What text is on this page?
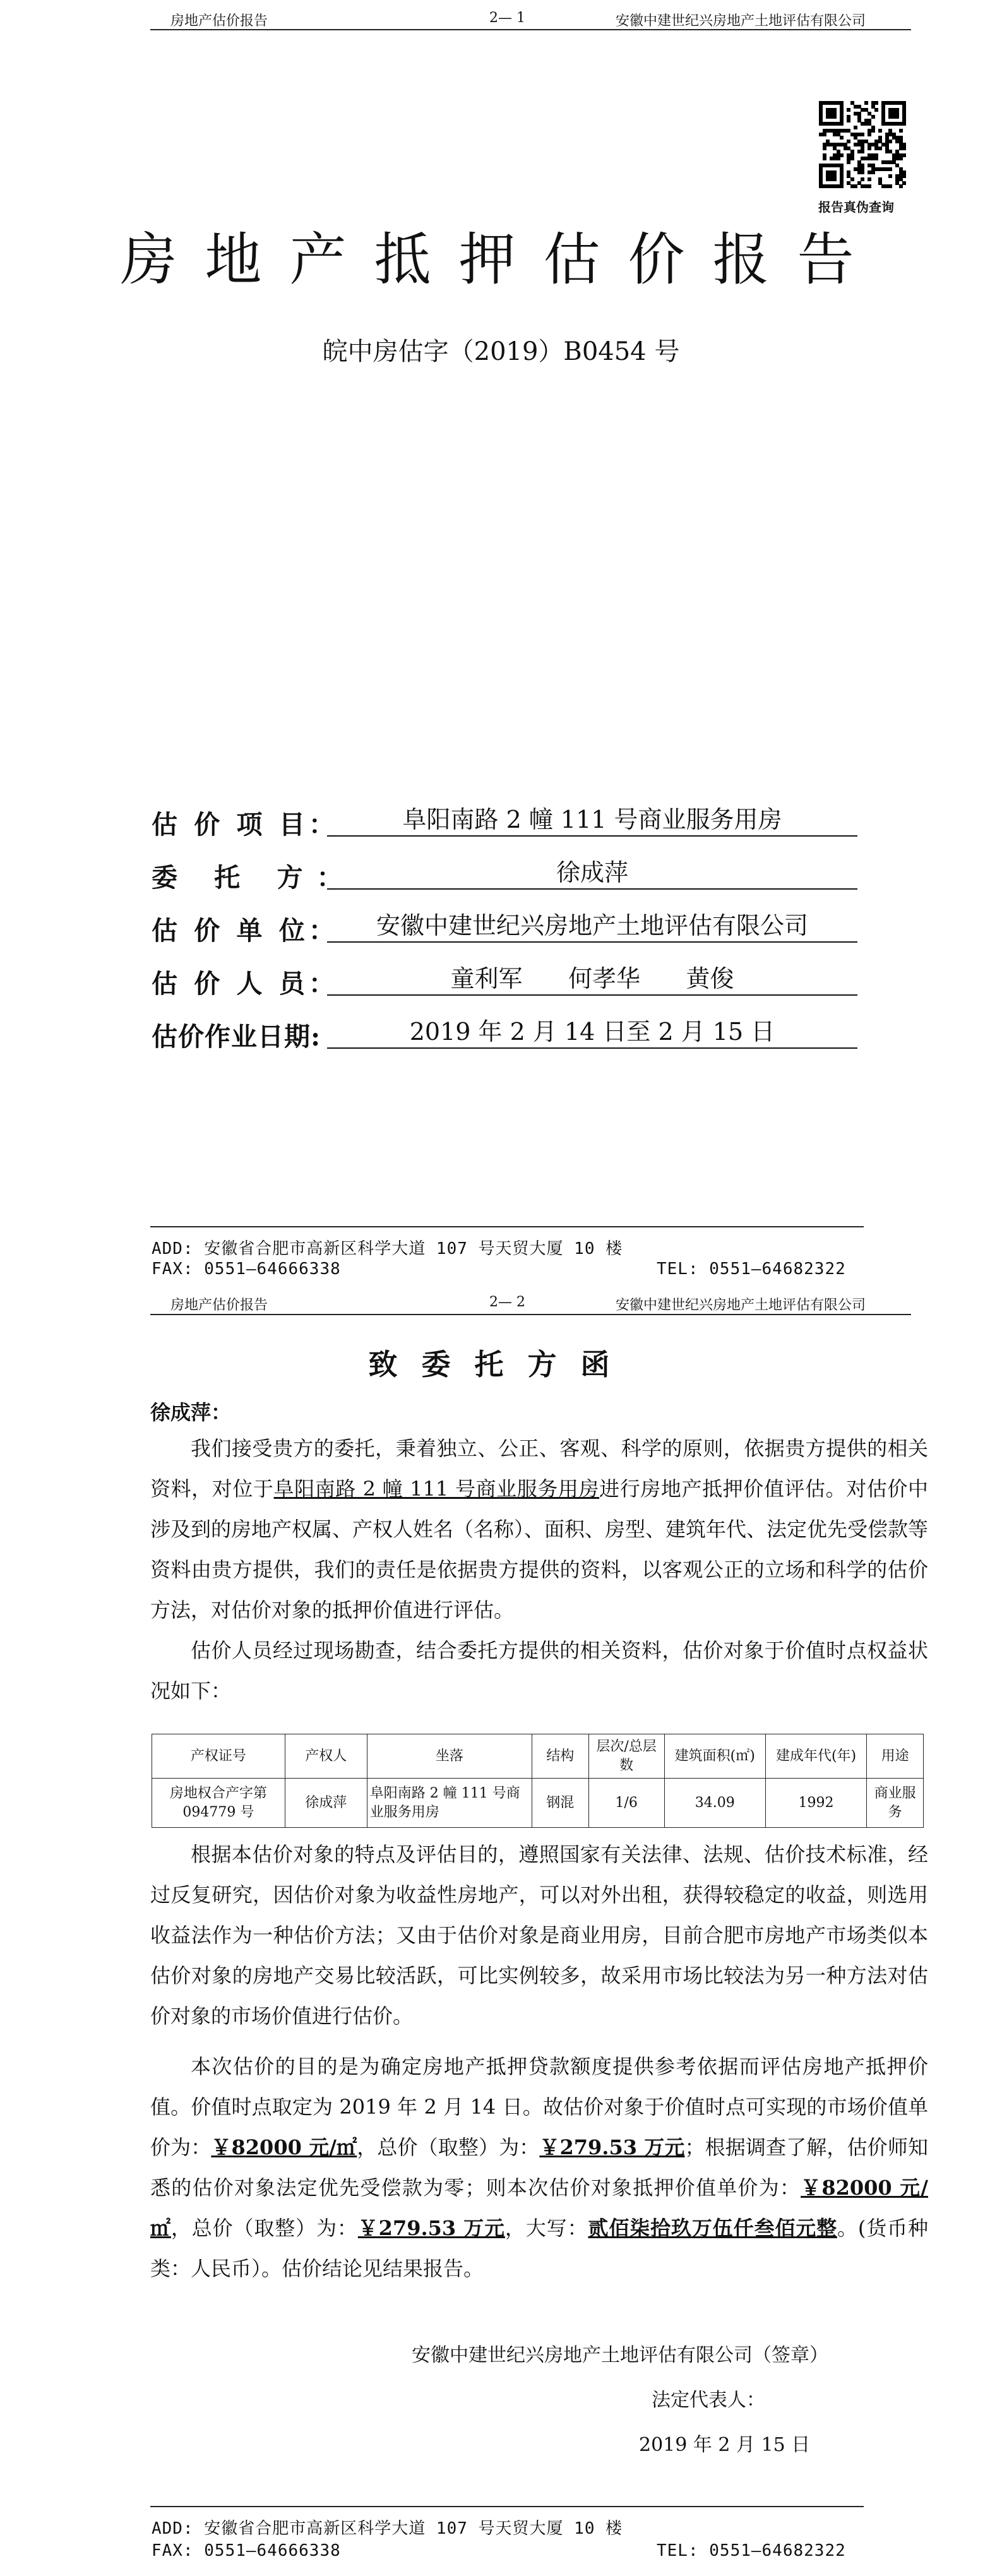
房地产估价报告	2— 1	安徽中建世纪兴房地产土地评估有限公司
报告真伪查询
房地产抵押估价报告
皖中房估字（2019）B0454 号
估 价 项 目：	阜阳南路 2 幢 111 号商业服务用房
委 托 方：	徐成萍
估 价 单 位：	安徽中建世纪兴房地产土地评估有限公司
估 价 人 员：	童利军      何孝华      黄俊
估价作业日期:	2019 年 2 月 14 日至 2 月 15 日
ADD: 安徽省合肥市高新区科学大道 107 号天贸大厦 10 楼
FAX: 0551—64666338	TEL: 0551—64682322
房地产估价报告	2— 2	安徽中建世纪兴房地产土地评估有限公司
致委托方函
徐成萍：
我们接受贵方的委托，秉着独立、公正、客观、科学的原则，依据贵方提供的相关资料，对位于阜阳南路 2 幢 111 号商业服务用房进行房地产抵押价值评估。对估价中涉及到的房地产权属、产权人姓名（名称）、面积、房型、建筑年代、法定优先受偿款等资料由贵方提供，我们的责任是依据贵方提供的资料，以客观公正的立场和科学的估价方法，对估价对象的抵押价值进行评估。
估价人员经过现场勘查，结合委托方提供的相关资料，估价对象于价值时点权益状况如下：
产权证号	产权人	坐落	结构	层次/总层数	建筑面积(㎡)	建成年代(年)	用途
房地权合产字第 094779 号	徐成萍	阜阳南路 2 幢 111 号商业服务用房	钢混	1/6	34.09	1992	商业服务
根据本估价对象的特点及评估目的，遵照国家有关法律、法规、估价技术标准，经过反复研究，因估价对象为收益性房地产，可以对外出租，获得较稳定的收益，则选用收益法作为一种估价方法；又由于估价对象是商业用房，目前合肥市房地产市场类似本估价对象的房地产交易比较活跃，可比实例较多，故采用市场比较法为另一种方法对估价对象的市场价值进行估价。
本次估价的目的是为确定房地产抵押贷款额度提供参考依据而评估房地产抵押价值。价值时点取定为 2019 年 2 月 14 日。故估价对象于价值时点可实现的市场价值单价为：￥82000 元/㎡，总价（取整）为：￥279.53 万元；根据调查了解，估价师知悉的估价对象法定优先受偿款为零；则本次估价对象抵押价值单价为：￥82000 元/㎡，总价（取整）为：￥279.53 万元，大写：贰佰柒拾玖万伍仟叁佰元整。(货币种类：人民币）。估价结论见结果报告。
安徽中建世纪兴房地产土地评估有限公司（签章）
法定代表人：
2019 年 2 月 15 日
ADD: 安徽省合肥市高新区科学大道 107 号天贸大厦 10 楼
FAX: 0551—64666338	TEL: 0551—64682322
